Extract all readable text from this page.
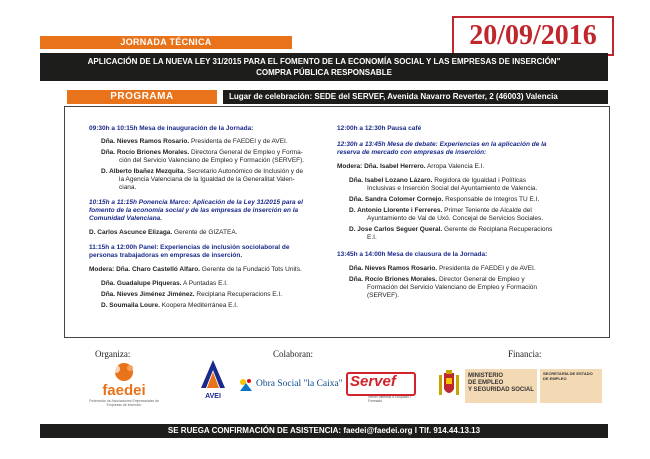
JORNADA TÉCNICA	20/09/2016
APLICACIÓN DE LA NUEVA LEY 31/2015 PARA EL FOMENTO DE LA ECONOMÍA SOCIAL Y LAS EMPRESAS DE INSERCIÓN"
COMPRA PÚBLICA RESPONSABLE
PROGRAMA	Lugar de celebración: SEDE del SERVEF, Avenida Navarro Reverter, 2 (46003) Valencia

09:30h a 10:15h Mesa de inauguración de la Jornada:

Dña. Nieves Ramos Rosario. Presidenta de FAEDEI y de AVEI.
Dña. Rocío Briones Morales. Directora General de Empleo y Forma-
ción del Servicio Valenciano de Empleo y Formación (SERVEF).
D. Alberto Ibañez Mezquita. Secretario Autonómico de Inclusión y de
la Agencia Valenciana de la Igualdad de la Generalitat Valen-
ciana.
10:15h a 11:15h Ponencia Marco: Aplicación de la Ley 31/2015 para el
fomento de la economía social y de las empresas de inserción en la
Comunidad Valenciana.
D. Carlos Ascunce Elizaga. Gerente de GIZATEA.
11:15h a 12:00h Panel: Experiencias de inclusión sociolaboral de
personas trabajadoras en empresas de inserción.
Modera: Dña. Charo Castelló Alfaro. Gerente de la Fundació Tots Units.
Dña. Guadalupe Piqueras. A Puntadas E.I.
Dña. Nieves Jiménez Jiménez. Reciplana Recuperacions E.I.
D. Soumaila Loure. Koopera Mediterránea E.I.

12:00h a 12:30h Pausa café

12:30h a 13:45h Mesa de debate: Experiencias en la aplicación de la
reserva de mercado con empresas de inserción:
Modera: Dña. Isabel Herrero. Arropa Valencia E.I.
Dña. Isabel Lozano Lázaro. Regidora de Igualdad i Políticas
Inclusivas e Inserción Social del Ayuntamiento de Valencia.
Dña. Sandra Colomer Cornejo. Responsable de Integros TU E.I.
D. Antonio Llorente i Ferreres. Primer Teniente de Alcalde del
Ayuntamiento de Val de Uxó. Concejal de Servicios Sociales.
D. Jose Carlos Seguer Queral. Gerente de Reciplana Recuperacions
E.I.

13:45h a 14:00h Mesa de clausura de la Jornada:

Dña. Nieves Ramos Rosario. Presidenta de FAEDEI y de AVEI.
Dña. Rocío Briones Morales. Director General de Empleo y
Formación del Servicio Valenciano de Empleo y Formación
(SERVEF).
Organiza:	Colaboran:	Financia:
faedei
Federación de Asociaciones Empresariales de Empresas de Inserción
AVEI
Obra Social "la Caixa" Servef
Servei Valencià d'Ocupació i Formació
MINISTERIO
DE EMPLEO
Y SEGURIDAD SOCIAL
SECRETARÍA DE ESTADO
DE EMPLEO
SE RUEGA CONFIRMACIÓN DE ASISTENCIA: faedei@faedei.org I Tlf. 914.44.13.13
